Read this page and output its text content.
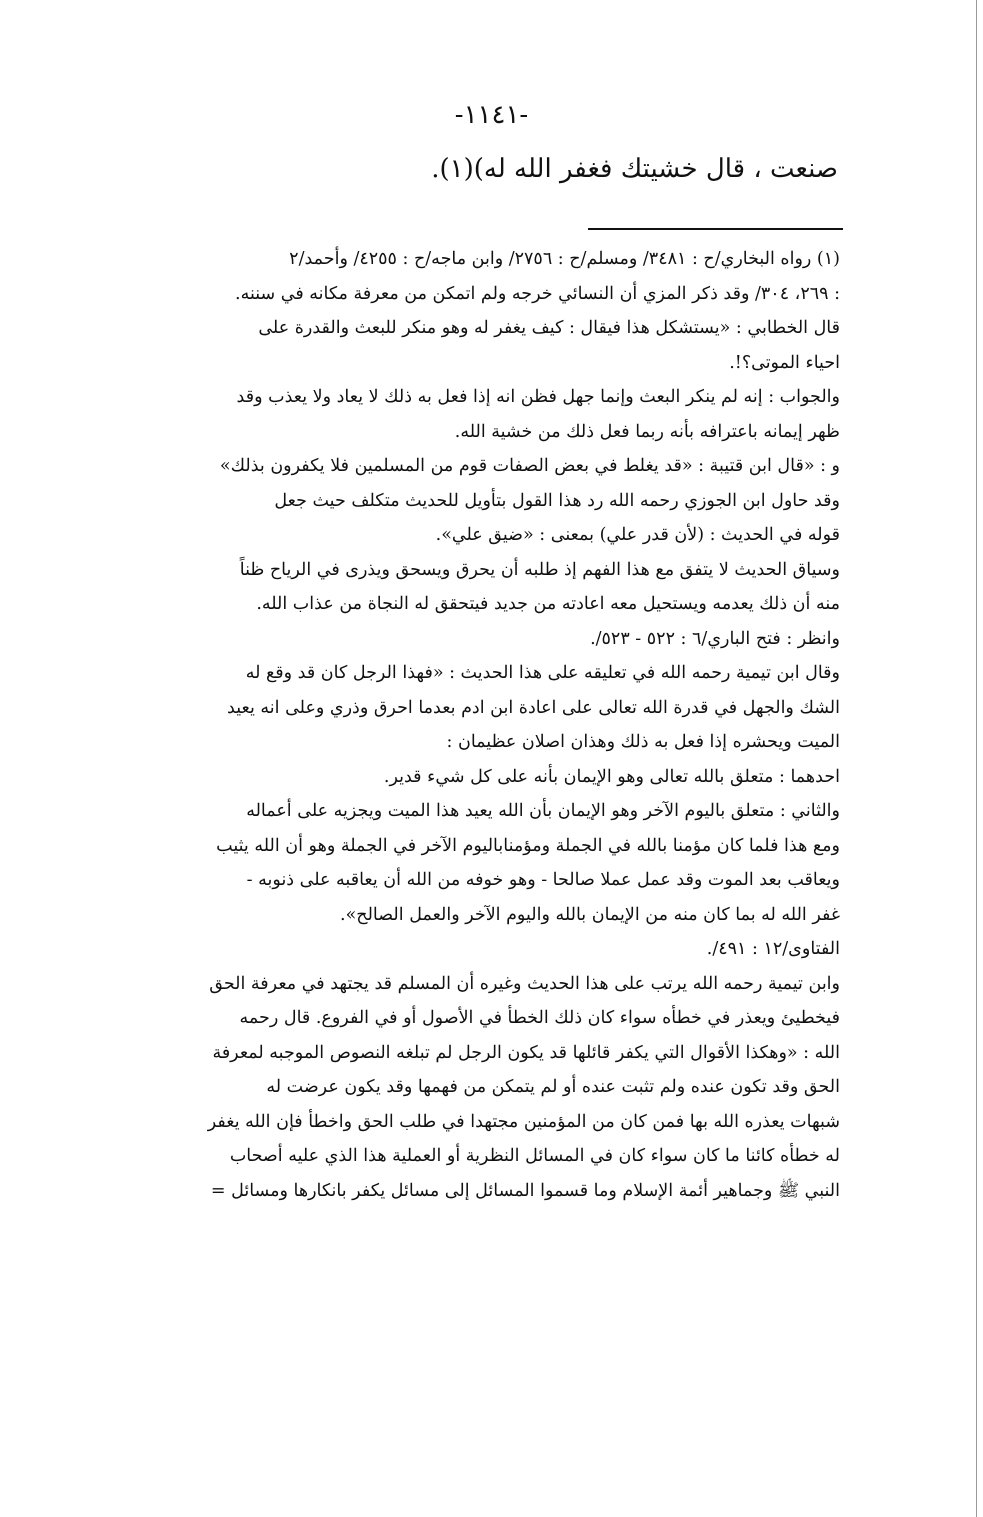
-١١٤١-
صنعت ، قال خشيتك فغفر الله له)(١).
(١) رواه البخاري/ح : ٣٤٨١/ ومسلم/ح : ٢٧٥٦/ وابن ماجه/ح : ٤٢٥٥/ وأحمد/٢
: ٢٦٩، ٣٠٤/ وقد ذكر المزي أن النسائي خرجه ولم اتمكن من معرفة مكانه في سننه.
قال الخطابي : «يستشكل هذا فيقال : كيف يغفر له وهو منكر للبعث والقدرة على
احياء الموتى؟!.
والجواب : إنه لم ينكر البعث وإنما جهل فظن انه إذا فعل به ذلك لا يعاد ولا يعذب وقد
ظهر إيمانه باعترافه بأنه ربما فعل ذلك من خشية الله.
و : «قال ابن قتيبة : «قد يغلط في بعض الصفات قوم من المسلمين فلا يكفرون بذلك»
وقد حاول ابن الجوزي رحمه الله رد هذا القول بتأويل للحديث متكلف حيث جعل
قوله في الحديث : (لأن قدر علي) بمعنى : «ضيق علي».
وسياق الحديث لا يتفق مع هذا الفهم إذ طلبه أن يحرق ويسحق ويذرى في الرياح ظناً
منه أن ذلك يعدمه ويستحيل معه اعادته من جديد فيتحقق له النجاة من عذاب الله.
وانظر : فتح الباري/٦ : ٥٢٢ - ٥٢٣/.
وقال ابن تيمية رحمه الله في تعليقه على هذا الحديث : «فهذا الرجل كان قد وقع له
الشك والجهل في قدرة الله تعالى على اعادة ابن ادم بعدما احرق وذري وعلى انه يعيد
الميت ويحشره إذا فعل به ذلك وهذان اصلان عظيمان :
احدهما : متعلق بالله تعالى وهو الإيمان بأنه على كل شيء قدير.
والثاني : متعلق باليوم الآخر وهو الإيمان بأن الله يعيد هذا الميت ويجزيه على أعماله
ومع هذا فلما كان مؤمنا بالله في الجملة ومؤمناباليوم الآخر في الجملة وهو أن الله يثيب
ويعاقب بعد الموت وقد عمل عملا صالحا - وهو خوفه من الله أن يعاقبه على ذنوبه -
غفر الله له بما كان منه من الإيمان بالله واليوم الآخر والعمل الصالح».
الفتاوى/١٢ : ٤٩١/.
وابن تيمية رحمه الله يرتب على هذا الحديث وغيره أن المسلم قد يجتهد في معرفة الحق
فيخطيئ ويعذر في خطأه سواء كان ذلك الخطأ في الأصول أو في الفروع. قال رحمه
الله : «وهكذا الأقوال التي يكفر قائلها قد يكون الرجل لم تبلغه النصوص الموجبه لمعرفة
الحق وقد تكون عنده ولم تثبت عنده أو لم يتمكن من فهمها وقد يكون عرضت له
شبهات يعذره الله بها فمن كان من المؤمنين مجتهدا في طلب الحق واخطأ فإن الله يغفر
له خطأه كائنا ما كان سواء كان في المسائل النظرية أو العملية هذا الذي عليه أصحاب
النبي ﷺ وجماهير أئمة الإسلام وما قسموا المسائل إلى مسائل يكفر بانكارها ومسائل =
